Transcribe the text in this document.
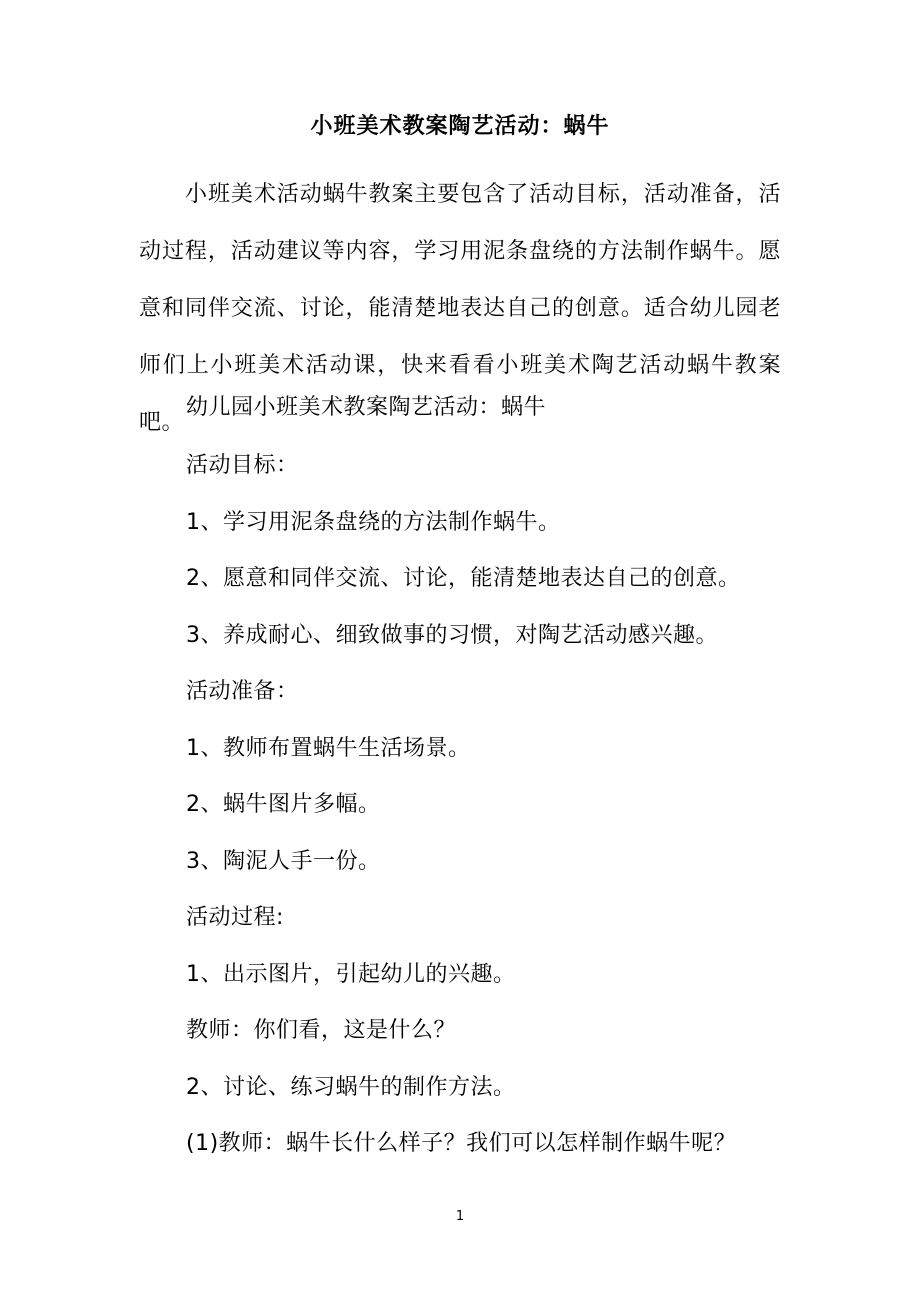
小班美术教案陶艺活动：蜗牛
小班美术活动蜗牛教案主要包含了活动目标，活动准备，活动过程，活动建议等内容，学习用泥条盘绕的方法制作蜗牛。愿意和同伴交流、讨论，能清楚地表达自己的创意。适合幼儿园老师们上小班美术活动课，快来看看小班美术陶艺活动蜗牛教案吧。
幼儿园小班美术教案陶艺活动：蜗牛
活动目标：
1、学习用泥条盘绕的方法制作蜗牛。
2、愿意和同伴交流、讨论，能清楚地表达自己的创意。
3、养成耐心、细致做事的习惯，对陶艺活动感兴趣。
活动准备：
1、教师布置蜗牛生活场景。
2、蜗牛图片多幅。
3、陶泥人手一份。
活动过程:
1、出示图片，引起幼儿的兴趣。
教师：你们看，这是什么？
2、讨论、练习蜗牛的制作方法。
(1)教师：蜗牛长什么样子？我们可以怎样制作蜗牛呢？
1
